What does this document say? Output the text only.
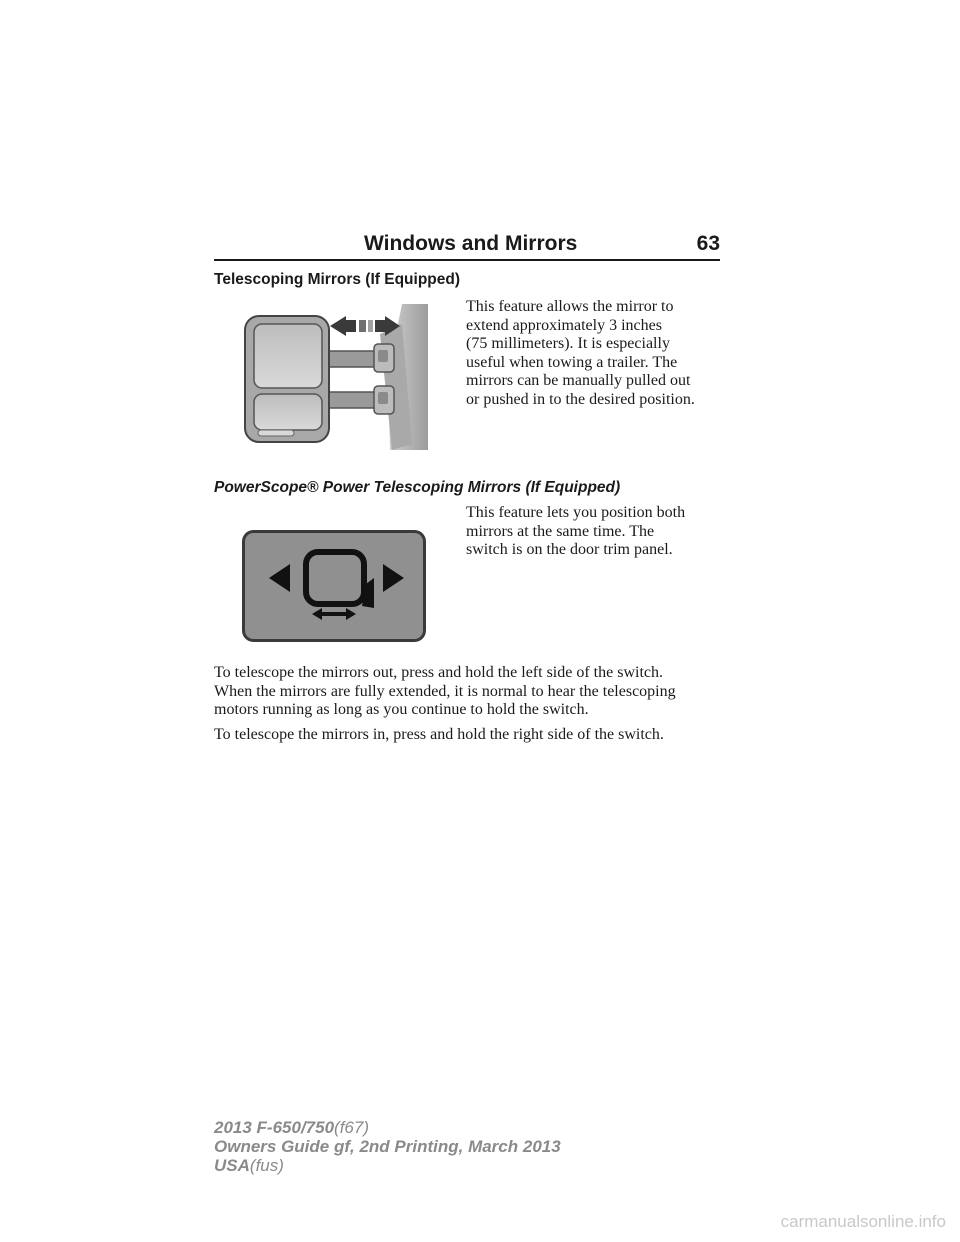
Windows and Mirrors	63
Telescoping Mirrors (If Equipped)
This feature allows the mirror to
extend approximately 3 inches
(75 millimeters). It is especially
useful when towing a trailer. The
mirrors can be manually pulled out
or pushed in to the desired position.
PowerScope® Power Telescoping Mirrors (If Equipped)
This feature lets you position both
mirrors at the same time. The
switch is on the door trim panel.
To telescope the mirrors out, press and hold the left side of the switch.
When the mirrors are fully extended, it is normal to hear the telescoping
motors running as long as you continue to hold the switch.
To telescope the mirrors in, press and hold the right side of the switch.
2013 F-650/750(f67)
Owners Guide gf, 2nd Printing, March 2013
USA(fus)
carmanualsonline.info
